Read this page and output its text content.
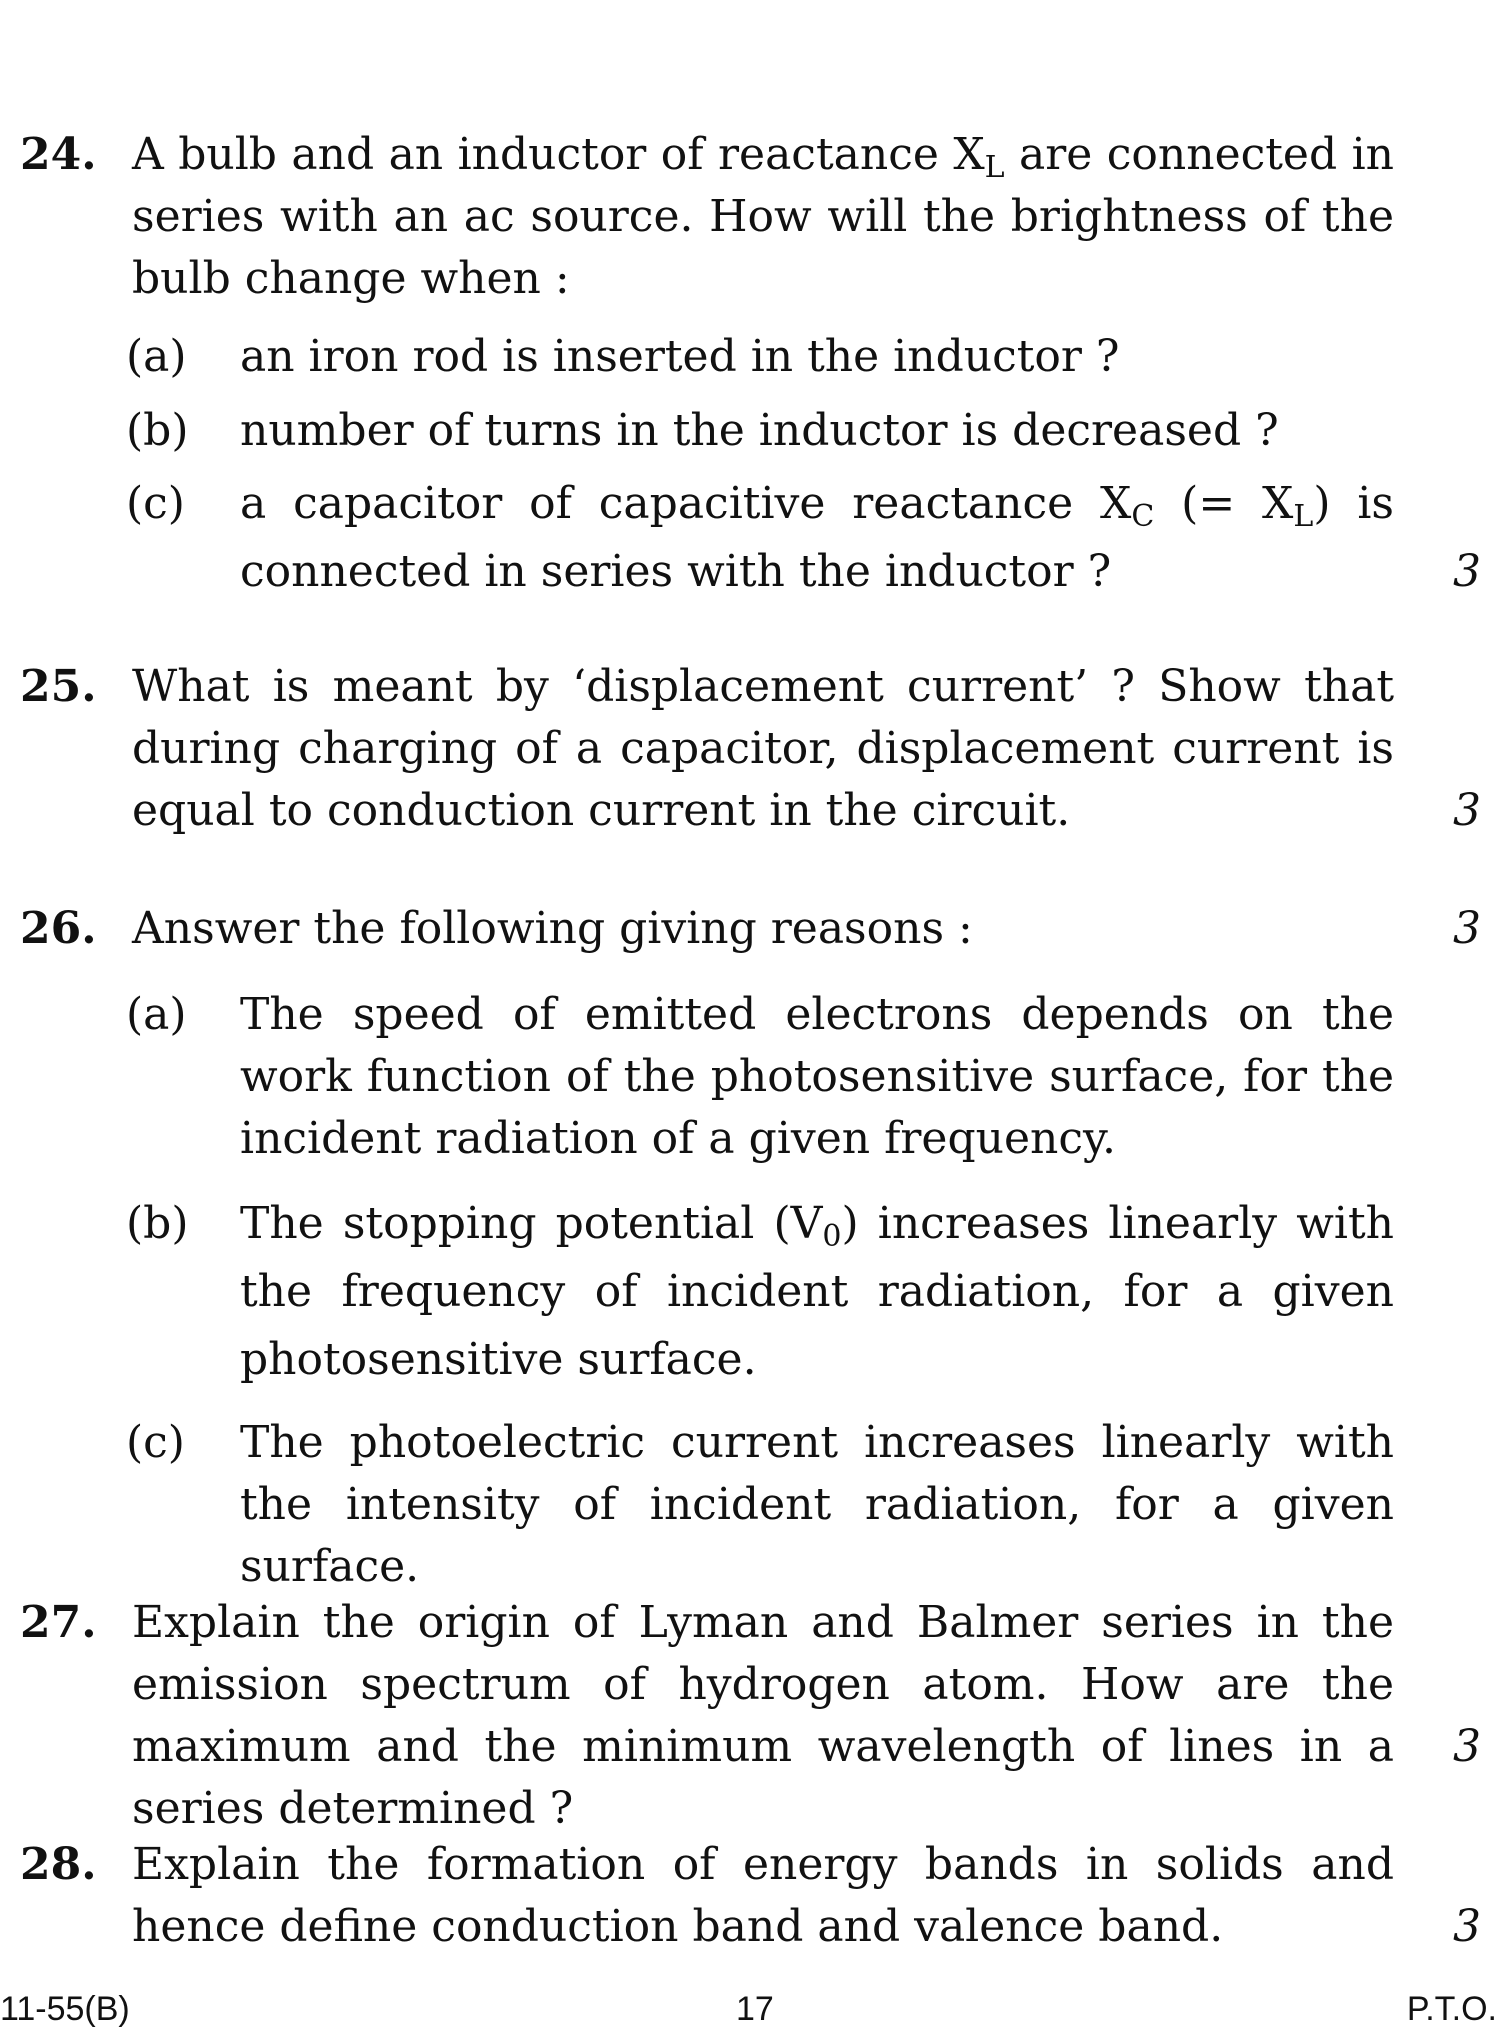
24. A bulb and an inductor of reactance $X_L$ are connected in series with an ac source. How will the brightness of the bulb change when :
(a) an iron rod is inserted in the inductor ?
(b) number of turns in the inductor is decreased ?
(c) a capacitor of capacitive reactance $X_C$ (= $X_L$) is connected in series with the inductor ?	3
25. What is meant by ‘displacement current’ ? Show that during charging of a capacitor, displacement current is equal to conduction current in the circuit.	3
26. Answer the following giving reasons :	3
(a) The speed of emitted electrons depends on the work function of the photosensitive surface, for the incident radiation of a given frequency.
(b) The stopping potential $(V_0)$ increases linearly with the frequency of incident radiation, for a given photosensitive surface.
(c) The photoelectric current increases linearly with the intensity of incident radiation, for a given surface.
27. Explain the origin of Lyman and Balmer series in the emission spectrum of hydrogen atom. How are the maximum and the minimum wavelength of lines in a series determined ?
3
28. Explain the formation of energy bands in solids and hence define conduction band and valence band.	3
11-55(B)	17	P.T.O.
